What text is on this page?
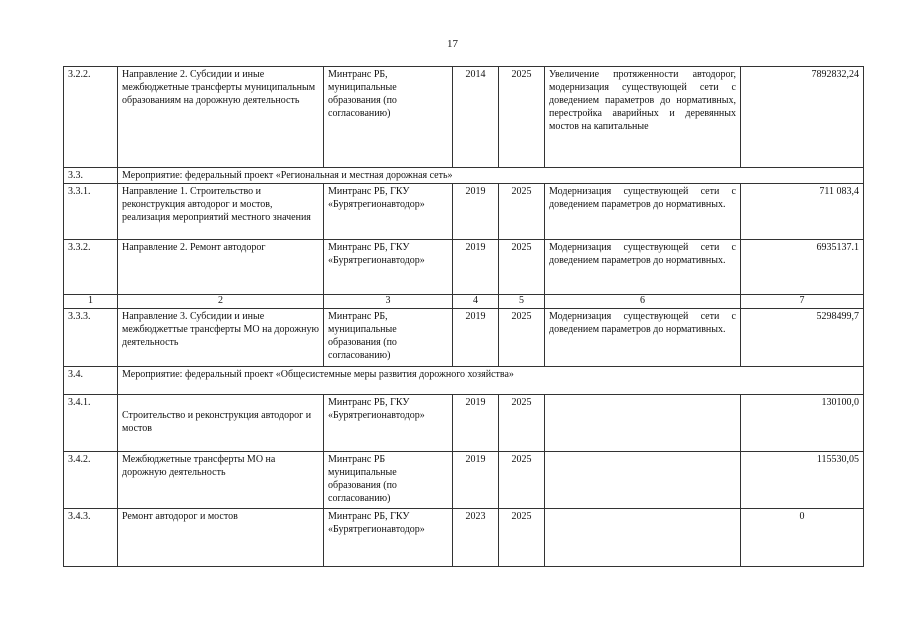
17
3.2.2.	Направление 2. Субсидии и иные межбюджетные трансферты муниципальным образованиям на дорожную деятельность	Минтранс РБ, муниципальные образования (по согласованию)	2014	2025	Увеличение протяженности автодорог, модернизация существующей сети с доведением параметров до нормативных, перестройка аварийных и деревянных мостов на капитальные	7892832,24
3.3.	Мероприятие: федеральный проект «Региональная и местная дорожная сеть»					
3.3.1.	Направление 1. Строительство и реконструкция автодорог и мостов, реализация мероприятий местного значения	Минтранс РБ, ГКУ «Бурятрегионавтодор»	2019	2025	Модернизация существующей сети с доведением параметров до нормативных.	711 083,4
3.3.2.	Направление 2. Ремонт автодорог	Минтранс РБ, ГКУ «Бурятрегионавтодор»	2019	2025	Модернизация существующей сети с доведением параметров до нормативных.	6935137.1
1	2	3	4	5	6	7
3.3.3.	Направление 3. Субсидии и иные межбюджеттые трансферты МО на дорожную деятельность	Минтранс РБ, муниципальные образования (по согласованию)	2019	2025	Модернизация существующей сети с доведением параметров до нормативных.	5298499,7
3.4.	Мероприятие: федеральный проект «Общесистемные меры развития дорожного хозяйства»					
3.4.1.	Строительство и реконструкция автодорог и мостов	Минтранс РБ, ГКУ «Бурятрегионавтодор»	2019	2025		130100,0
3.4.2.	Межбюджетные трансферты МО на дорожную деятельность	Минтранс РБ муниципальные образования (по согласованию)	2019	2025		115530,05
3.4.3.	Ремонт автодорог и мостов	Минтранс РБ, ГКУ «Бурятрегионавтодор»	2023	2025		0
